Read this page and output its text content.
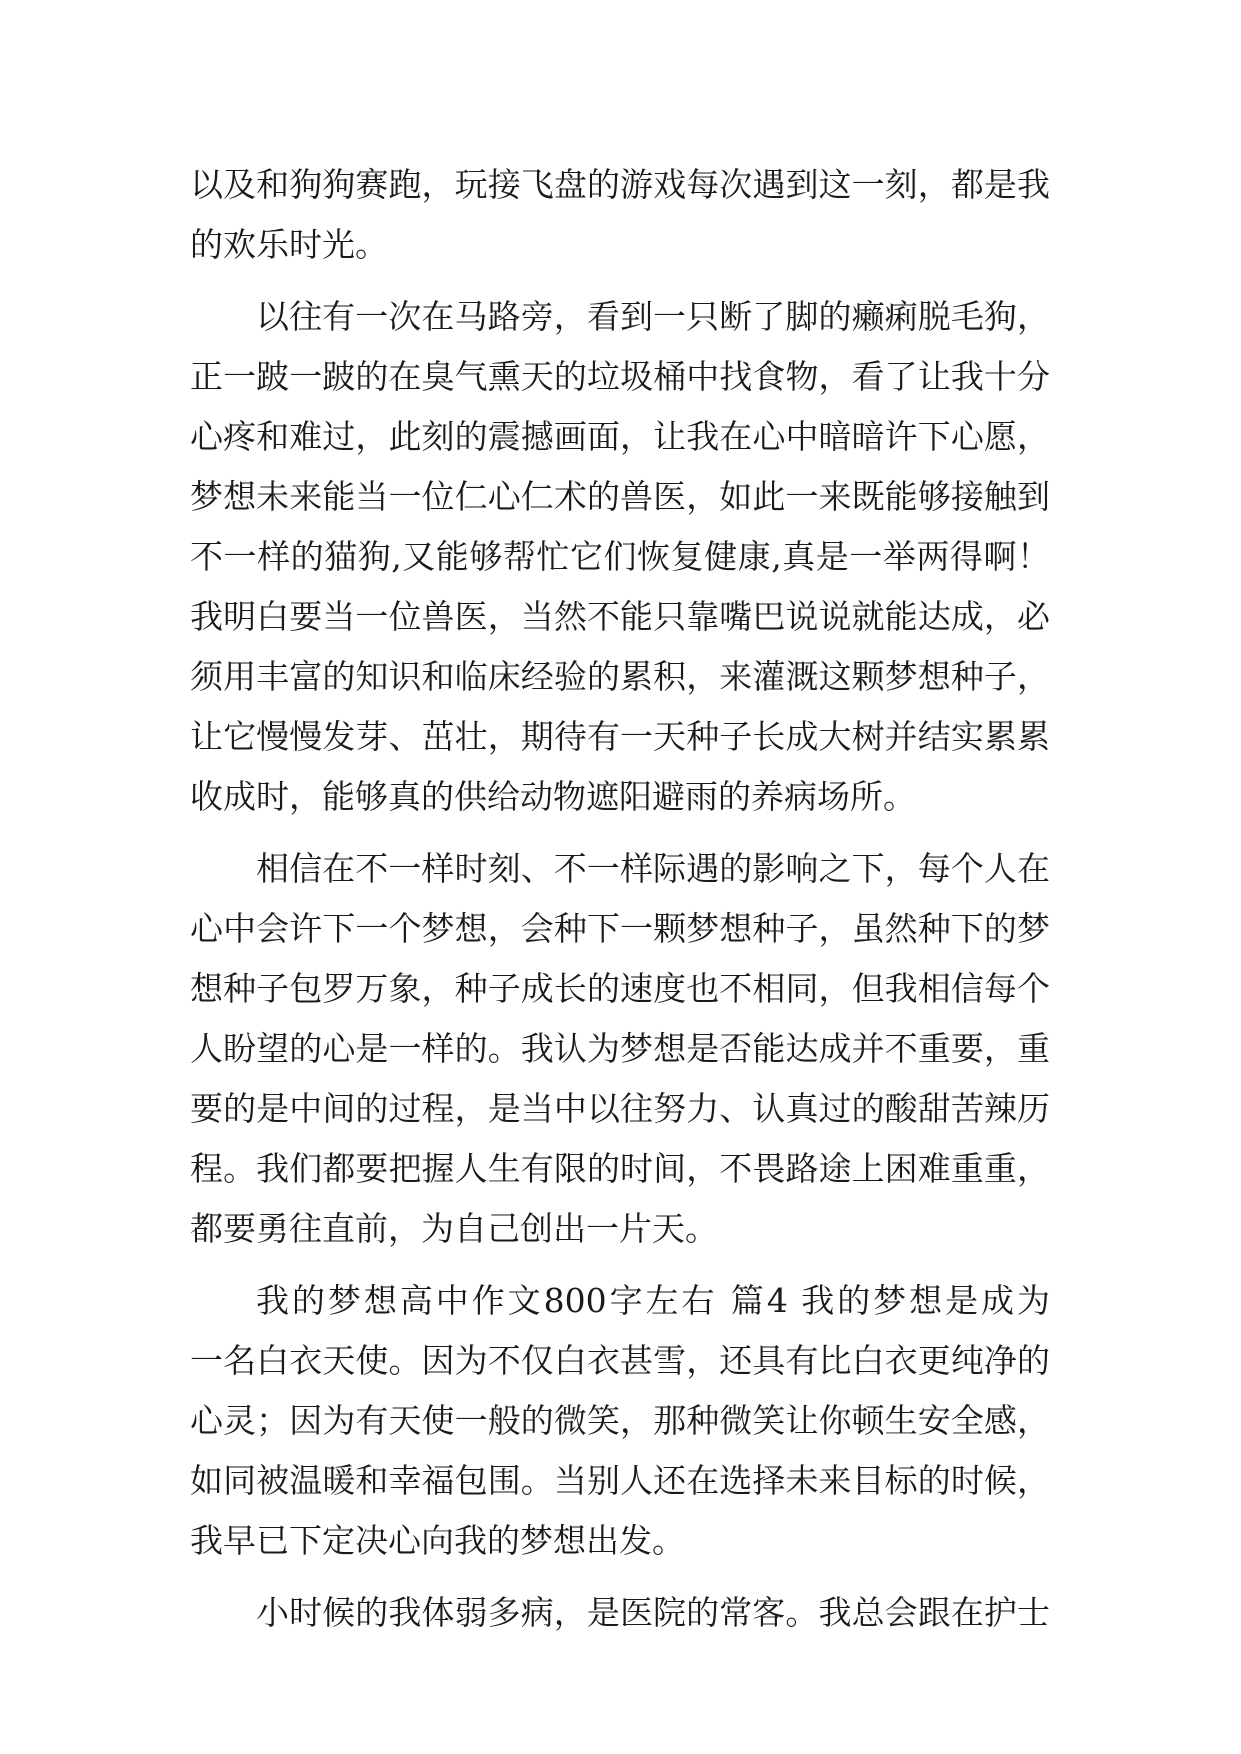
以及和狗狗赛跑，玩接飞盘的游戏每次遇到这一刻，都是我
的欢乐时光。
以往有一次在马路旁，看到一只断了脚的癞痢脱毛狗，
正一跛一跛的在臭气熏天的垃圾桶中找食物，看了让我十分
心疼和难过，此刻的震撼画面，让我在心中暗暗许下心愿，
梦想未来能当一位仁心仁术的兽医，如此一来既能够接触到
不一样的猫狗,又能够帮忙它们恢复健康,真是一举两得啊！
我明白要当一位兽医，当然不能只靠嘴巴说说就能达成，必
须用丰富的知识和临床经验的累积，来灌溉这颗梦想种子，
让它慢慢发芽、茁壮，期待有一天种子长成大树并结实累累
收成时，能够真的供给动物遮阳避雨的养病场所。
相信在不一样时刻、不一样际遇的影响之下，每个人在
心中会许下一个梦想，会种下一颗梦想种子，虽然种下的梦
想种子包罗万象，种子成长的速度也不相同，但我相信每个
人盼望的心是一样的。我认为梦想是否能达成并不重要，重
要的是中间的过程，是当中以往努力、认真过的酸甜苦辣历
程。我们都要把握人生有限的时间，不畏路途上困难重重，
都要勇往直前，为自己创出一片天。
我的梦想高中作文800字左右 篇4 我的梦想是成为
一名白衣天使。因为不仅白衣甚雪，还具有比白衣更纯净的
心灵；因为有天使一般的微笑，那种微笑让你顿生安全感，
如同被温暖和幸福包围。当别人还在选择未来目标的时候，
我早已下定决心向我的梦想出发。
小时候的我体弱多病，是医院的常客。我总会跟在护士
